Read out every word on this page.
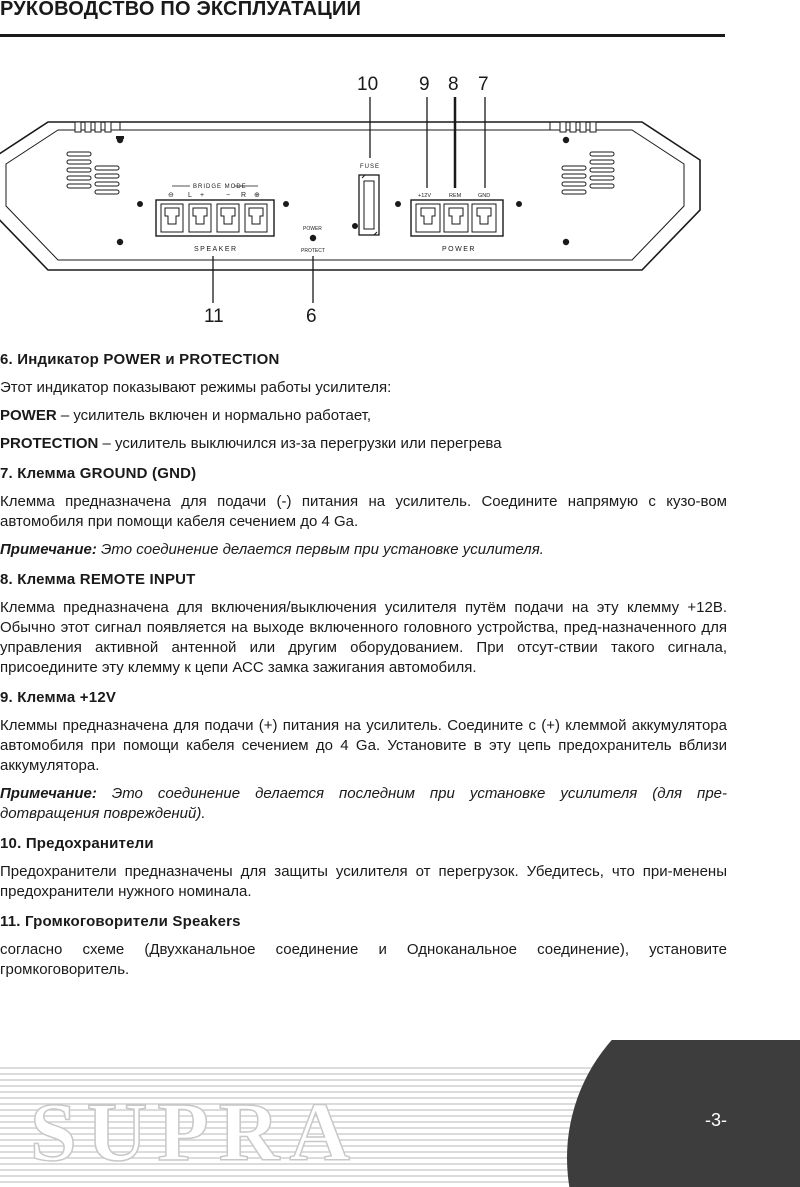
РУКОВОДСТВО ПО ЭКСПЛУАТАЦИИ
10 9 8 7
11	6
BRIDGE MODE
⊖ L +	− R ⊕
SPEAKER
POWER
PROTECT
FUSE
+12V	REM	GND
POWER
6. Индикатор POWER и PROTECTION

Этот индикатор показывают режимы работы усилителя:

POWER – усилитель включен и нормально работает,

PROTECTION – усилитель выключился из-за перегрузки или перегрева

7. Клемма GROUND (GND)

Клемма предназначена для подачи (-) питания на усилитель. Соедините напрямую с кузо-вом автомобиля при помощи кабеля сечением до 4 Ga.

Примечание: Это соединение делается первым при установке усилителя.

8. Клемма REMOTE INPUT

Клемма предназначена для включения/выключения усилителя путём подачи на эту клемму +12В. Обычно этот сигнал появляется на выходе включенного головного устройства, пред-назначенного для управления активной антенной или другим оборудованием. При отсут-ствии такого сигнала, присоедините эту клемму к цепи АСС замка зажигания автомобиля.

9. Клемма +12V

Клеммы предназначена для подачи (+) питания на усилитель. Соедините с (+) клеммой аккумулятора автомобиля при помощи кабеля сечением до 4 Ga. Установите в эту цепь предохранитель вблизи аккумулятора.

Примечание: Это соединение делается последним при установке усилителя (для пре-дотвращения повреждений).

10. Предохранители

Предохранители предназначены для защиты усилителя от перегрузок. Убедитесь, что при-менены предохранители нужного номинала.

11. Громкоговорители Speakers

согласно схеме (Двухканальное соединение и Одноканальное соединение), установите громкоговоритель.

SUPRA	-3-
